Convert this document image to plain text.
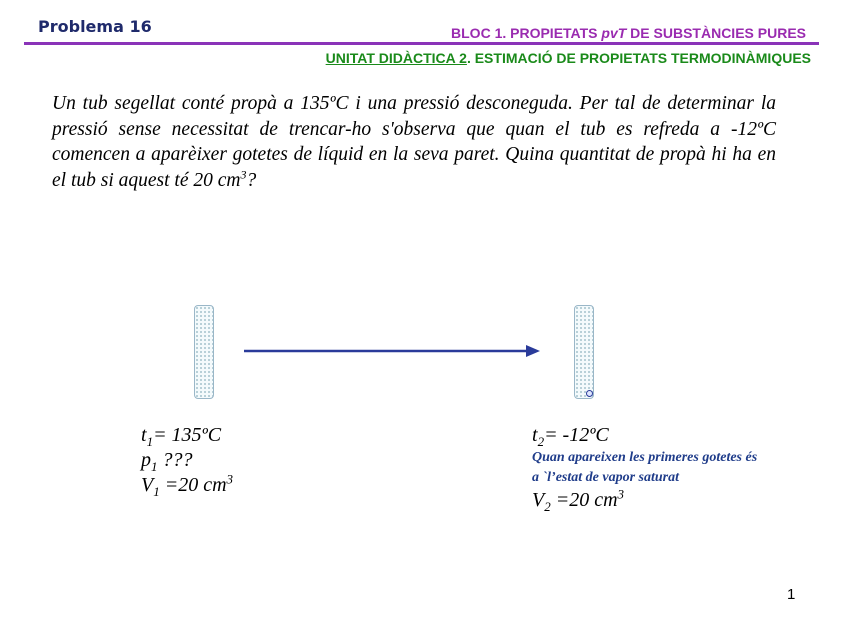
Problema 16	BLOC 1. PROPIETATS pvT DE SUBSTÀNCIES PURES
UNITAT DIDÀCTICA 2. ESTIMACIÓ DE PROPIETATS TERMODINÀMIQUES
Un tub segellat conté propà a 135ºC i una pressió desconeguda. Per tal de determinar la pressió sense necessitat de trencar-ho s'observa que quan el tub es refreda a -12ºC comencen a aparèixer gotetes de líquid en la seva paret. Quina quantitat de propà hi ha en el tub si aquest té 20 $cm^3$?
$t_1=$ 135ºC
$p_1$ ???
$V_1 =20$ $cm^3$
$t_2=$ -12ºC
Quan apareixen les primeres gotetes és
a `l’estat de vapor saturat
$V_2 =20$ $cm^3$
1
